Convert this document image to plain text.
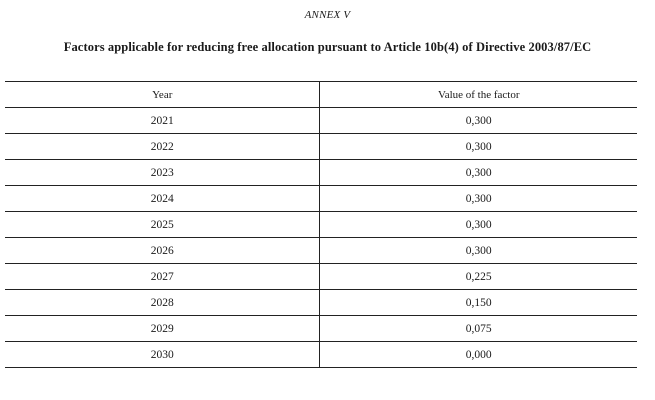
ANNEX V
Factors applicable for reducing free allocation pursuant to Article 10b(4) of Directive 2003/87/EC
Year	Value of the factor
2021	0,300
2022	0,300
2023	0,300
2024	0,300
2025	0,300
2026	0,300
2027	0,225
2028	0,150
2029	0,075
2030	0,000
